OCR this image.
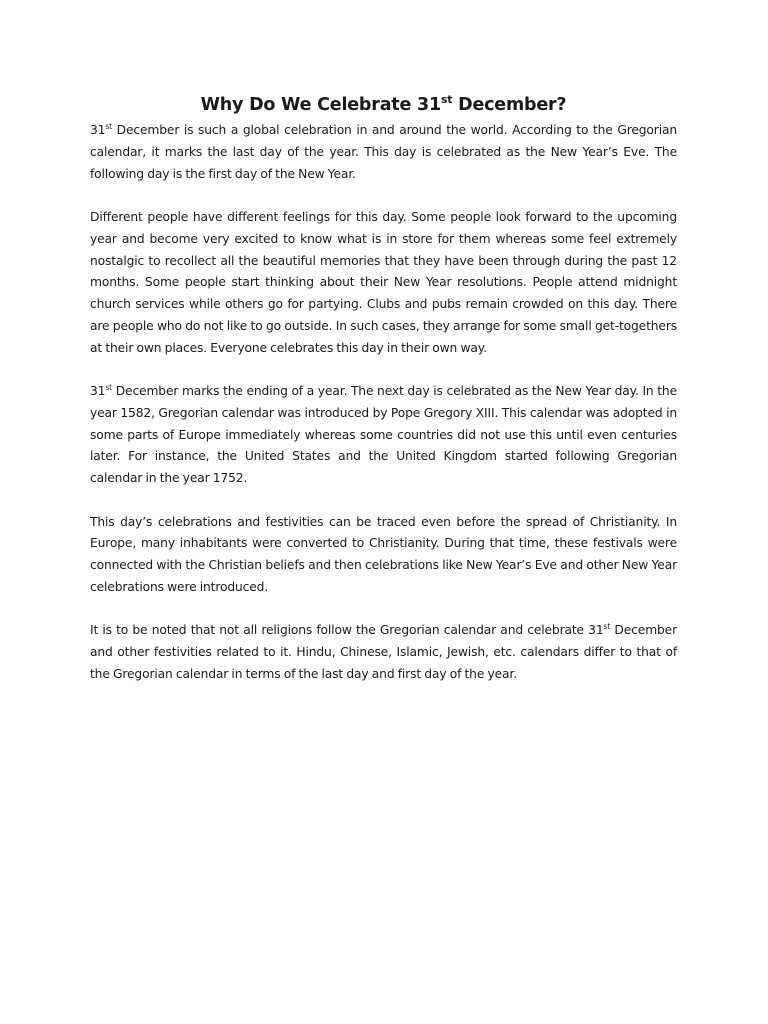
Why Do We Celebrate 31st December?

31st December is such a global celebration in and around the world. According to the Gregorian calendar, it marks the last day of the year. This day is celebrated as the New Year’s Eve. The following day is the first day of the New Year.

Different people have different feelings for this day. Some people look forward to the upcoming year and become very excited to know what is in store for them whereas some feel extremely nostalgic to recollect all the beautiful memories that they have been through during the past 12 months. Some people start thinking about their New Year resolutions. People attend midnight church services while others go for partying. Clubs and pubs remain crowded on this day. There are people who do not like to go outside. In such cases, they arrange for some small get-togethers at their own places. Everyone celebrates this day in their own way.

31st December marks the ending of a year. The next day is celebrated as the New Year day. In the year 1582, Gregorian calendar was introduced by Pope Gregory XIII. This calendar was adopted in some parts of Europe immediately whereas some countries did not use this until even centuries later. For instance, the United States and the United Kingdom started following Gregorian calendar in the year 1752.

This day’s celebrations and festivities can be traced even before the spread of Christianity. In Europe, many inhabitants were converted to Christianity. During that time, these festivals were connected with the Christian beliefs and then celebrations like New Year’s Eve and other New Year celebrations were introduced.

It is to be noted that not all religions follow the Gregorian calendar and celebrate 31st December and other festivities related to it. Hindu, Chinese, Islamic, Jewish, etc. calendars differ to that of the Gregorian calendar in terms of the last day and first day of the year.
